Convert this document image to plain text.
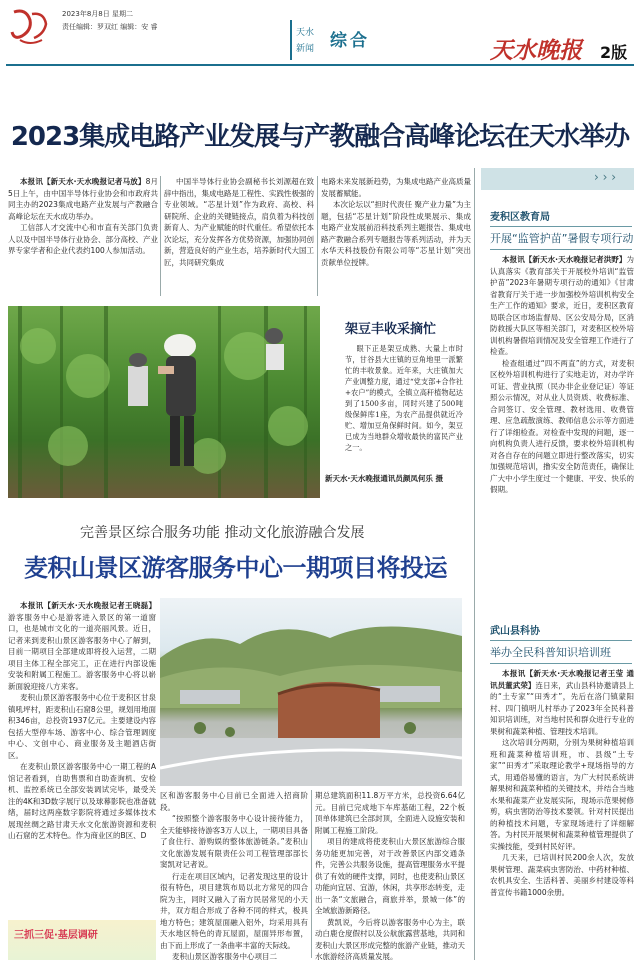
2023年8月8日 星期二
责任编辑：罗双红 编辑：安 睿
天水
新闻 综合	天水晚报 2版
2023集成电路产业发展与产教融合高峰论坛在天水举办

本报讯【新天水·天水晚报记者马放】8月5日上午，由中国半导体行业协会和市政府共同主办的2023集成电路产业发展与产教融合高峰论坛在天水成功举办。

工信部人才交流中心和市直有关部门负责人以及中国半导体行业协会、部分高校、产业界专家学者和企业代表约100人参加活动。

中国半导体行业协会副秘书长刘源超在致辞中指出，集成电路是工程性、实践性极强的专业领域。“芯星计划”作为政府、高校、科研院所、企业的关键链接点，肩负着为科技创新育人、为产业赋能的时代重任。希望依托本次论坛，充分发挥各方优势资源，加强协同创新，营造良好的产业生态，培养新时代大国工匠，共同研究集成

电路未来发展新趋势，为集成电路产业高质量发展蓄赋能。

本次论坛以“担时代责任 聚产业力量”为主题，包括“芯星计划”阶段性成果展示、集成电路产业发展前沿科技系列主题报告、集成电路产教融合系列专题报告等系列活动，并为天水华天科技股份有限公司等“芯星计划”突出贡献单位授牌。

架豆丰收采摘忙

眼下正是架豆成熟、大量上市时节，甘谷县大庄镇的豆角地里一派繁忙的丰收景象。近年来，大庄镇加大产业调整力度，通过“党支部+合作社+农户”的模式，全镇立高秆植物起达到了1500多亩，同时兴建了500吨级保鲜库1座，为农产品提供就近冷贮、增加豆角保鲜时间。如今，架豆已成为当地群众增收最快的富民产业之一。

新天水·天水晚报通讯员颜凤何乐 摄
完善景区综合服务功能 推动文化旅游融合发展
麦积山景区游客服务中心一期项目将投运

本报讯【新天水·天水晚报记者王晓磊】游客服务中心是游客进入景区的第一道窗口，也是城市文化的一道亮丽风景。近日，记者来到麦积山景区游客服务中心了解到，目前一期项目全部建成即将投入运营，二期项目主体工程全部完工，正在进行内部设施安装和附属工程施工。游客服务中心将以崭新面貌迎接八方来客。

麦积山景区游客服务中心位于麦积区甘泉镇吼坪村，距麦积山石窟8公里，规划用地面积346亩，总投资1937亿元。主要建设内容包括大型停车场、游客中心、综合管理调度中心、文创中心、商业服务及主题酒店街区。

在麦积山景区游客服务中心一期工程的A馆记者看到，自助售票和自助查询机、安检机、监控系统已全部安装调试完毕，最受关注的4K和3D数字展厅以及球幕影院也准备就绪，届时这两座数字影院将通过多媒体技术展现丝绸之路甘肃天水文化旅游资源和麦积山石窟的艺术特色。作为商业区的B区、D

区和游客服务中心目前已全面进入招商阶段。

“按照整个游客服务中心设计接待能力，全天能够接待游客3万人以上，一期项目具备了食住行、游购娱的整体旅游链条。”麦积山文化旅游发展有限责任公司工程管理部部长窦凯对记者说。

行走在项目区域内，记者发现这里的设计很有特色，项目建筑布局以北方常见的四合院为主，同时又融入了南方民居常见的小天井，双方组合形成了各种不同的样式，极具地方特色；建筑屋面融入铝外，均采用具有天水地区特色的青瓦屋面，屋面异形布置，由下而上形成了一条曲率丰富的天际线。

麦积山景区游客服务中心项目二

期总建筑面积11.8万平方米，总投资6.64亿元。目前已完成地下车库基础工程，22个板顶单体建筑已全部封顶，全面进入设施安装和附属工程施工阶段。

项目的建成将使麦积山大景区旅游综合服务功能更加完善，对于改善景区内部交通条件，完善公共服务设施，提高管理服务水平提供了有效的硬件支撑，同时，也使麦积山景区功能向宜居、宜游，休闲，共享形态转变，走出一条“文旅融合，商旅并举，景城一体”的全域旅游新路径。

黄凯说，今后将以游客服务中心为主，联动白鹿仓度假村以及公航旅露营基地，共同和麦积山大景区形成完整的旅游产业链，推动天水旅游经济高质量发展。

三抓三促·基层调研
› › ›
麦积区教育局
开展“监管护苗”暑假专项行动

本报讯【新天水·天水晚报记者洪野】为认真落实《教育部关于开展校外培训“监管护苗”2023年暑期专项行动的通知》《甘肃省教育厅关于进一步加强校外培训机构安全生产工作的通知》要求，近日，麦积区教育局联合区市场监督局、区公安局分局，区消防救援大队区等相关部门，对麦积区校外培训机构暑假培训情况及安全管理工作进行了检查。

检查组通过“四不两直”的方式，对麦积区校外培训机构进行了实地走访，对办学许可证、营业执照（民办非企业登记证）等证照公示情况，对从业人员资质、收费标准、合同签订、安全管理、教材选用、收费管理、应急疏散演练、教师信息公示等方面进行了详细检查。对检查中发现的问题，逐一向机构负责人进行反馈，要求校外培训机构对各自存在的问题立即进行整改落实，切实加强规范培训，撸实安全防范责任，确保让广大中小学生度过一个健康、平安、快乐的假期。

武山县科协
举办全民科普知识培训班

本报讯【新天水·天水晚报记者王莹 通讯员董武荣】连日来，武山县科协邀请县上的“土专家”“田秀才”，先后在洛门镇蒙阳村、四门镇明儿村举办了2023年全民科普知识培训班，对当地村民和群众进行专业的果树和蔬菜种植、管理技术培训。

这次培训分两期，分别为果树种植培训班和蔬菜种植培训班，市、县级“土专家”“田秀才”采取理论教学+现场指导的方式，用通俗易懂的语言，为广大村民系统讲解果树和蔬菜种植的关键技术，并结合当地水果和蔬菜产业发展实际，现场示范果树修剪，病虫害防治等技术要领。针对村民提出的种植技术问题，专家现场进行了详细解答。为村民开展果树和蔬菜种植管理提供了实操技能，受到村民好评。

几天来，已培训村民200余人次，发放果树管理、蔬菜病虫害防治、中药材种植、农机具安全、生活科普、美丽乡村建设等科普宣传书籍1000余册。
